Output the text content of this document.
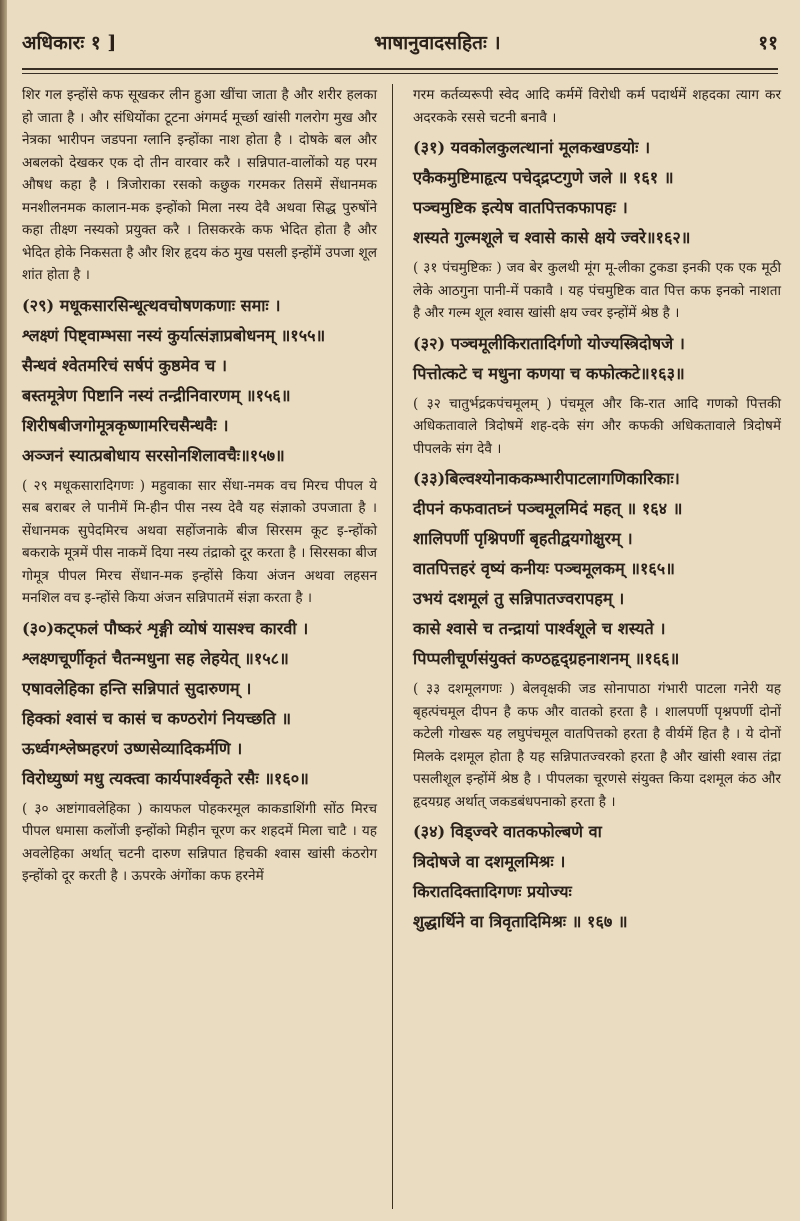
अधिकारः १ ]	भाषानुवादसहितः ।	११
शिर गल इन्होंसे कफ सूखकर लीन हुआ खींचा जाता है और शरीर हलका हो जाता है । और संधियोंका टूटना अंगमर्द मूर्च्छा खांसी गलरोग मुख और नेत्रका भारीपन जडपना ग्लानि इन्होंका नाश होता है । दोषके बल और अबलको देखकर एक दो तीन वारवार करै । सन्निपात-वालोंको यह परम औषध कहा है । त्रिजोराका रसको कछुक गरमकर तिसमें सेंधानमक मनशीलनमक कालान-मक इन्होंको मिला नस्य देवै अथवा सिद्ध पुरुषोंने कहा तीक्ष्ण नस्यको प्रयुक्त करै । तिसकरके कफ भेदित होता है और भेदित होके निकसता है और शिर हृदय कंठ मुख पसली इन्होंमें उपजा शूल शांत होता है ।
(२९) मधूकसारसिन्धूत्थवचोषणकणाः समाः ।
श्लक्ष्णं पिष्ट्वाम्भसा नस्यं कुर्यात्संज्ञाप्रबोधनम् ॥१५५॥
सैन्धवं श्वेतमरिचं सर्षपं कुष्ठमेव च ।
बस्तमूत्रेण पिष्टानि नस्यं तन्द्रीनिवारणम् ॥१५६॥
शिरीषबीजगोमूत्रकृष्णामरिचसैन्धवैः ।
अञ्जनं स्यात्प्रबोधाय सरसोनशिलावचैः॥१५७॥
( २९ मधूकसारादिगणः ) महुवाका सार सेंधा-नमक वच मिरच पीपल ये सब बराबर ले पानीमें मि-हीन पीस नस्य देवै यह संज्ञाको उपजाता है । सेंधानमक सुपेदमिरच अथवा सहोंजनाके बीज सिरसम कूट इ-न्होंको बकराके मूत्रमें पीस नाकमें दिया नस्य तंद्राको दूर करता है । सिरसका बीज गोमूत्र पीपल मिरच सेंधान-मक इन्होंसे किया अंजन अथवा लहसन मनशिल वच इ-न्होंसे किया अंजन सन्निपातमें संज्ञा करता है ।
(३०)कट्फलं पौष्करं शृङ्गी व्योषं यासश्च कारवी ।
श्लक्ष्णचूर्णीकृतं चैतन्मधुना सह लेहयेत् ॥१५८॥
एषावलेहिका हन्ति सन्निपातं सुदारुणम् ।
हिक्कां श्वासं च कासं च कण्ठरोगं नियच्छति ॥
ऊर्ध्वगश्लेष्महरणं उष्णसेव्यादिकर्मणि ।
विरोध्युष्णं मधु त्यक्त्वा कार्यपार्श्वकृते रसैः ॥१६०॥
( ३० अष्टांगावलेहिका ) कायफल पोहकरमूल काकडाशिंगी सोंठ मिरच पीपल धमासा कलोंजी इन्होंको मिहीन चूरण कर शहदमें मिला चाटै । यह अवलेहिका अर्थात् चटनी दारुण सन्निपात हिचकी श्वास खांसी कंठरोग इन्होंको दूर करती है । ऊपरके अंगोंका कफ हरनेमें
गरम कर्तव्यरूपी स्वेद आदि कर्ममें विरोधी कर्म पदार्थमें शहदका त्याग कर अदरकके रससे चटनी बनावै ।
(३१) यवकोलकुलत्थानां मूलकखण्डयोः ।
एकैकमुष्टिमाहृत्य पचेद्द्रप्टगुणे जले ॥ १६१ ॥
पञ्चमुष्टिक इत्येष वातपित्तकफापहः ।
शस्यते गुल्मशूले च श्वासे कासे क्षये ज्वरे॥१६२॥
( ३१ पंचमुष्टिकः ) जव बेर कुलथी मूंग मू-लीका टुकडा इनकी एक एक मूठी लेके आठगुना पानी-में पकावै । यह पंचमुष्टिक वात पित्त कफ इनको नाशता है और गल्म शूल श्वास खांसी क्षय ज्वर इन्होंमें श्रेष्ठ है ।
(३२) पञ्चमूलीकिरातादिर्गणो योज्यस्त्रिदोषजे ।
पित्तोत्कटे च मधुना कणया च कफोत्कटे॥१६३॥
( ३२ चातुर्भद्रकपंचमूलम् ) पंचमूल और कि-रात आदि गणको पित्तकी अधिकतावाले त्रिदोषमें शह-दके संग और कफकी अधिकतावाले त्रिदोषमें पीपलके संग देवै ।
(३३)बिल्वश्योनाककम्भारीपाटलागणिकारिकाः।
दीपनं कफवातघ्नं पञ्चमूलमिदं महत् ॥ १६४ ॥
शालिपर्णी पृश्निपर्णी बृहतीद्वयगोक्षुरम् ।
वातपित्तहरं वृष्यं कनीयः पञ्चमूलकम् ॥१६५॥
उभयं दशमूलं तु सन्निपातज्वरापहम् ।
कासे श्वासे च तन्द्रायां पार्श्वशूले च शस्यते ।
पिप्पलीचूर्णसंयुक्तं कण्ठहृद्ग्रहनाशनम् ॥१६६॥
( ३३ दशमूलगणः ) बेलवृक्षकी जड सोनापाठा गंभारी पाटला गनेरी यह बृहत्पंचमूल दीपन है कफ और वातको हरता है । शालपर्णी पृश्नपर्णी दोनों कटेली गोखरू यह लघुपंचमूल वातपित्तको हरता है वीर्यमें हित है । ये दोनों मिलके दशमूल होता है यह सन्निपातज्वरको हरता है और खांसी श्वास तंद्रा पसलीशूल इन्होंमें श्रेष्ठ है । पीपलका चूरणसे संयुक्त किया दशमूल कंठ और हृदयग्रह अर्थात् जकडबंधपनाको हरता है ।
(३४) विड्ज्वरे वातकफोल्बणे वा
त्रिदोषजे वा दशमूलमिश्रः ।
किरातदिक्तादिगणः प्रयोज्यः
शुद्धार्थिने वा त्रिवृतादिमिश्रः ॥ १६७ ॥
